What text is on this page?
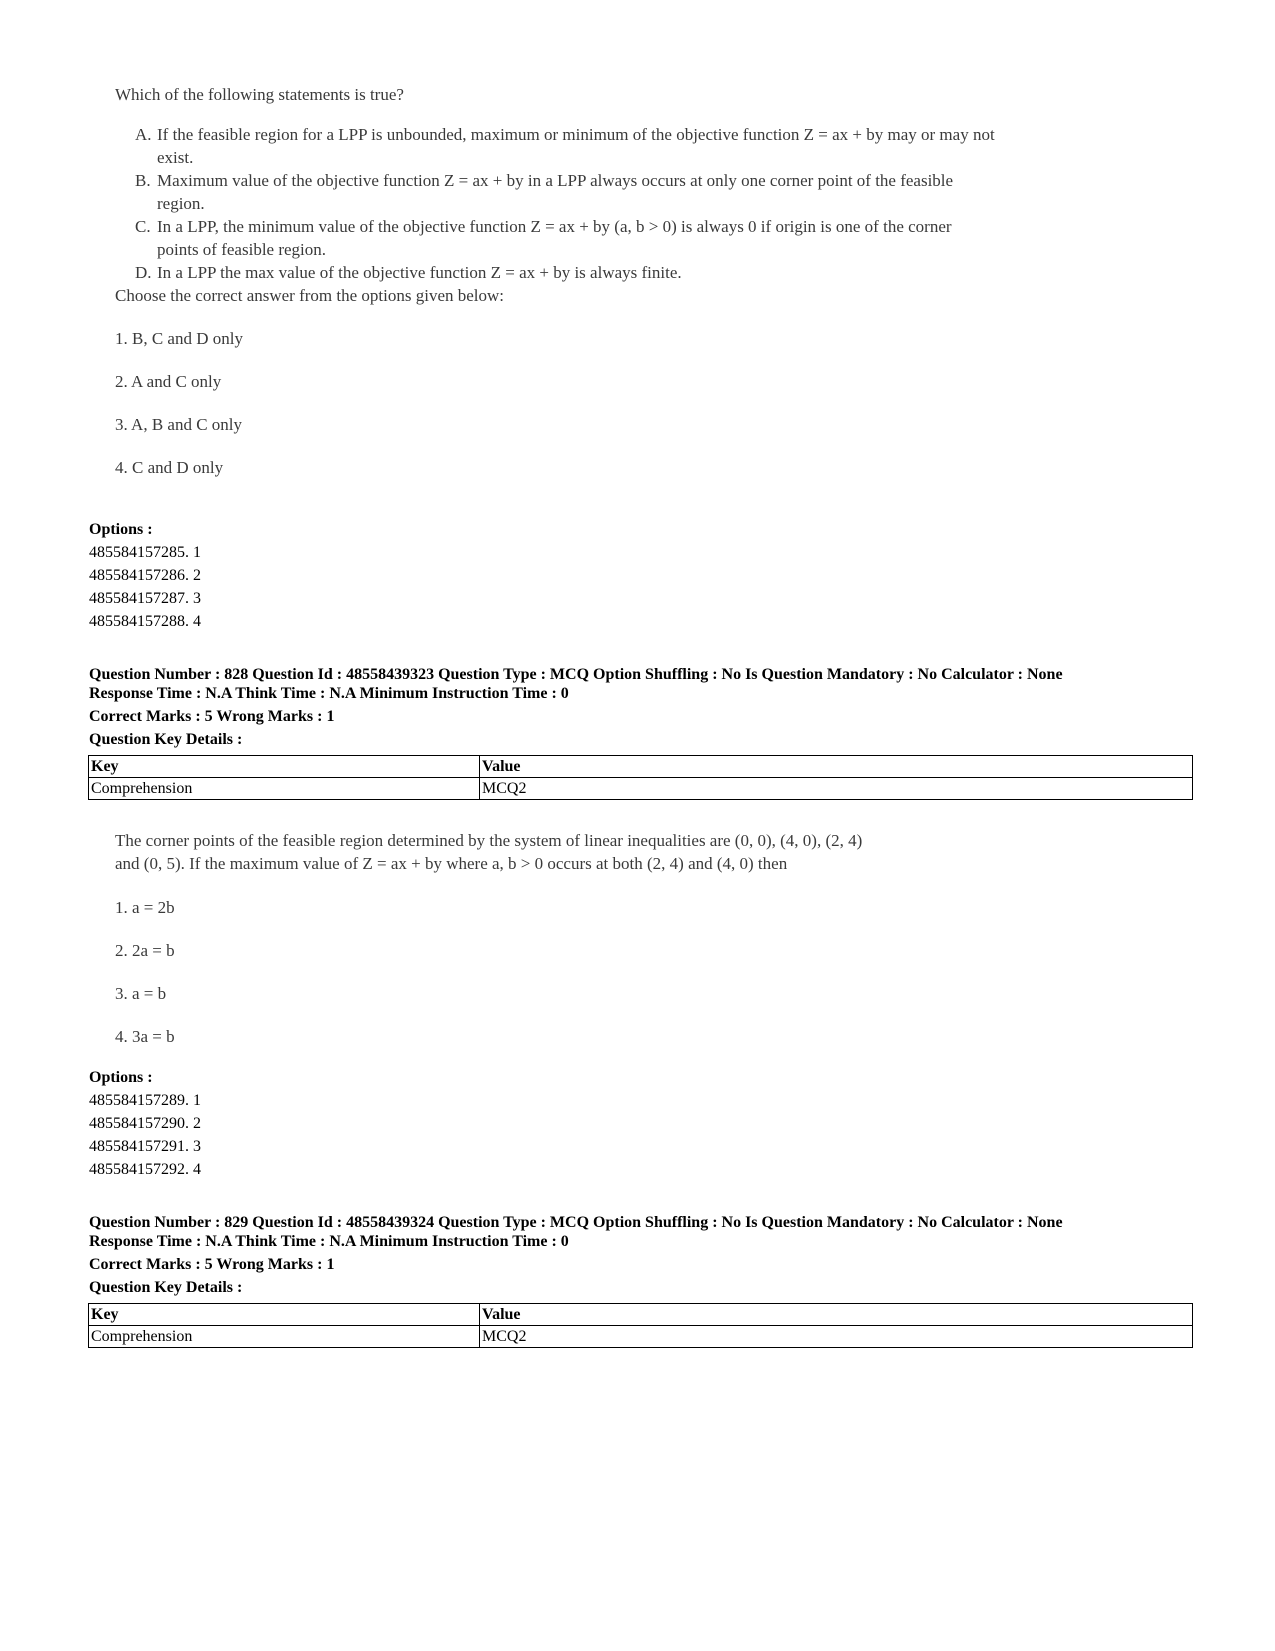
Which of the following statements is true?

A. If the feasible region for a LPP is unbounded, maximum or minimum of the objective function Z = ax + by may or may not exist.
B. Maximum value of the objective function Z = ax + by in a LPP always occurs at only one corner point of the feasible region.
C. In a LPP, the minimum value of the objective function Z = ax + by (a, b > 0) is always 0 if origin is one of the corner points of feasible region.
D. In a LPP the max value of the objective function Z = ax + by is always finite.

Choose the correct answer from the options given below:

1. B, C and D only

2. A and C only

3. A, B and C only

4. C and D only

Options :
485584157285. 1
485584157286. 2
485584157287. 3
485584157288. 4
Question Number : 828 Question Id : 48558439323 Question Type : MCQ Option Shuffling : No Is Question Mandatory : No Calculator : None
Response Time : N.A Think Time : N.A Minimum Instruction Time : 0
Correct Marks : 5 Wrong Marks : 1
Question Key Details :
Key	Value
Comprehension	MCQ2

The corner points of the feasible region determined by the system of linear inequalities are (0, 0), (4, 0), (2, 4)

and (0, 5). If the maximum value of Z = ax + by where a, b > 0 occurs at both (2, 4) and (4, 0) then

1. a = 2b

2. 2a = b

3. a = b

4. 3a = b

Options :
485584157289. 1
485584157290. 2
485584157291. 3
485584157292. 4
Question Number : 829 Question Id : 48558439324 Question Type : MCQ Option Shuffling : No Is Question Mandatory : No Calculator : None
Response Time : N.A Think Time : N.A Minimum Instruction Time : 0
Correct Marks : 5 Wrong Marks : 1
Question Key Details :
Key	Value
Comprehension	MCQ2
